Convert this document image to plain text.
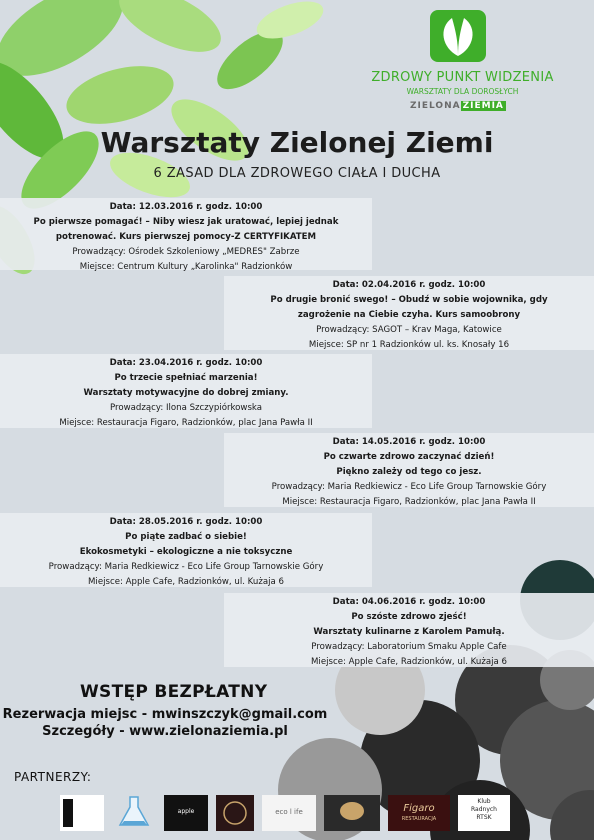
ZDROWY PUNKT WIDZENIA
WARSZTATY DLA DOROSŁYCH
ZIELONA ZIEMIA
Warsztaty Zielonej Ziemi
6 ZASAD DLA ZDROWEGO CIAŁA I DUCHA
Data: 12.03.2016 r. godz. 10:00
Po pierwsze pomagać! – Niby wiesz jak uratować, lepiej jednak
potrenować. Kurs pierwszej pomocy-Z CERTYFIKATEM
Prowadzący: Ośrodek Szkoleniowy „MEDRES" Zabrze
Miejsce: Centrum Kultury „Karolinka" Radzionków
Data: 02.04.2016 r. godz. 10:00
Po drugie bronić swego! – Obudź w sobie wojownika, gdy
zagrożenie na Ciebie czyha. Kurs samoobrony
Prowadzący: SAGOT – Krav Maga, Katowice
Miejsce: SP nr 1 Radzionków ul. ks. Knosały 16
Data: 23.04.2016 r. godz. 10:00
Po trzecie spełniać marzenia!
Warsztaty motywacyjne do dobrej zmiany.
Prowadzący: Ilona Szczypiórkowska
Miejsce: Restauracja Figaro, Radzionków, plac Jana Pawła II
Data: 14.05.2016 r. godz. 10:00
Po czwarte zdrowo zaczynać dzień!
Piękno zależy od tego co jesz.
Prowadzący: Maria Redkiewicz - Eco Life Group Tarnowskie Góry
Miejsce: Restauracja Figaro, Radzionków, plac Jana Pawła II
Data: 28.05.2016 r. godz. 10:00
Po piąte zadbać o siebie!
Ekokosmetyki – ekologiczne a nie toksyczne
Prowadzący: Maria Redkiewicz - Eco Life Group Tarnowskie Góry
Miejsce: Apple Cafe, Radzionków, ul. Kużaja 6
Data: 04.06.2016 r. godz. 10:00
Po szóste zdrowo zjeść!
Warsztaty kulinarne z Karolem Pamułą.
Prowadzący: Laboratorium Smaku Apple Cafe
Miejsce: Apple Cafe, Radzionków, ul. Kużaja 6
WSTĘP BEZPŁATNY
Rezerwacja miejsc - mwinszczyk@gmail.com
Szczegóły - www.zielonaziemia.pl
PARTNERZY:
apple	eco l ife	Figaro
RESTAURACJA
Klub
Radnych
RTSK
